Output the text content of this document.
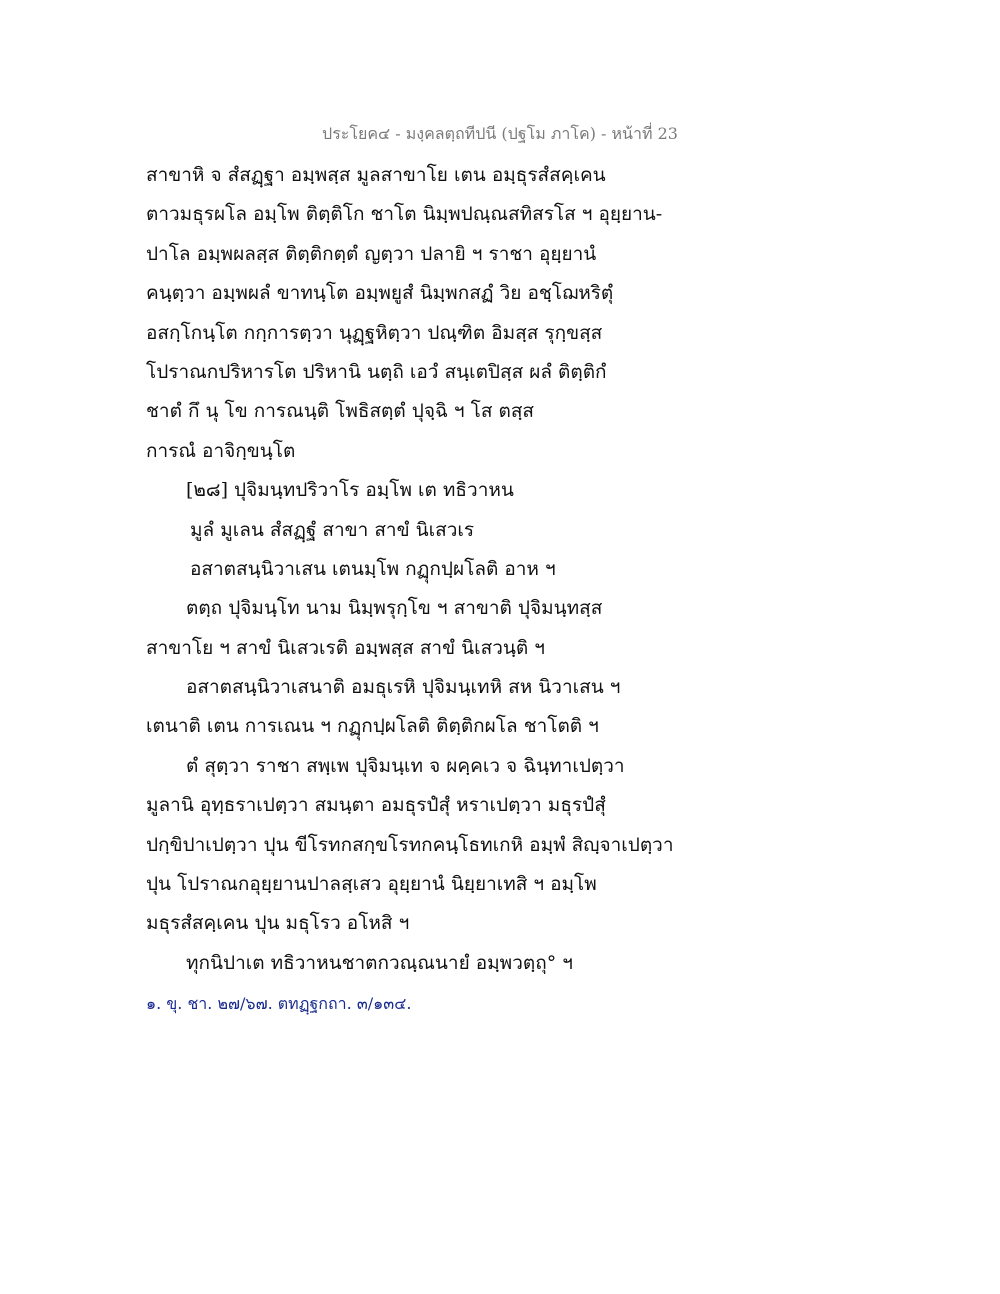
ประโยค๔ - มงฺคลตฺถทีปนี (ปฐโม ภาโค) - หน้าที่ 23
สาขาหิ จ สํสฏฺฐา อมฺพสฺส มูลสาขาโย เตน อมฺธุรสํสคฺเคน
ตาวมธุรผโล อมฺโพ ติตฺติโก ชาโต นิมฺพปณฺณสทิสรโส ฯ อุยฺยาน-
ปาโล อมฺพผลสฺส ติตฺติกตฺตํ ญตฺวา ปลายิ ฯ ราชา อุยฺยานํ
คนฺตฺวา อมฺพผลํ ขาทนฺโต อมฺพยูสํ นิมฺพกสฏํ วิย อชฺโฌหริตุํ
อสกฺโกนฺโต กกฺการตฺวา นุฏฺฐหิตฺวา ปณฺฑิต อิมสฺส รุกฺขสฺส
โปราณกปริหารโต ปริหานิ นตฺถิ เอวํ สนฺเตปิสฺส ผลํ ติตฺติกํ
ชาตํ กึ นุ โข การณนฺติ โพธิสตฺตํ ปุจฺฉิ ฯ โส ตสฺส
การณํ อาจิกฺขนฺโต
[๒๘] ปุจิมนฺทปริวาโร อมฺโพ เต ทธิวาหน
มูลํ มูเลน สํสฏฺฐํ สาขา สาขํ นิเสวเร
อสาตสนฺนิวาเสน เตนมฺโพ กฏุกปฺผโลติ อาห ฯ
ตตฺถ ปุจิมนฺโท นาม นิมฺพรุกฺโข ฯ สาขาติ ปุจิมนฺทสฺส
สาขาโย ฯ สาขํ นิเสวเรติ อมฺพสฺส สาขํ นิเสวนฺติ ฯ
อสาตสนฺนิวาเสนาติ อมธุเรหิ ปุจิมนฺเทหิ สห นิวาเสน ฯ
เตนาติ เตน การเณน ฯ กฏุกปฺผโลติ ติตฺติกผโล ชาโตติ ฯ
ตํ สุตฺวา ราชา สพฺเพ ปุจิมนฺเท จ ผคฺคเว จ ฉินฺทาเปตฺวา
มูลานิ อุทฺธราเปตฺวา สมนฺตา อมธุรปํสุํ หราเปตฺวา มธุรปํสุํ
ปกฺขิปาเปตฺวา ปุน ขีโรทกสกฺขโรทกคนฺโธทเกหิ อมฺพํ สิญฺจาเปตฺวา
ปุน โปราณกอุยฺยานปาลสฺเสว อุยฺยานํ นิยฺยาเทสิ ฯ อมฺโพ
มธุรสํสคฺเคน ปุน มธุโรว อโหสิ ฯ
ทุกนิปาเต ทธิวาหนชาตกวณฺณนายํ อมฺพวตฺถุ° ฯ
๑. ขุ. ชา. ๒๗/๖๗. ตทฏฺฐกถา. ๓/๑๓๔.
